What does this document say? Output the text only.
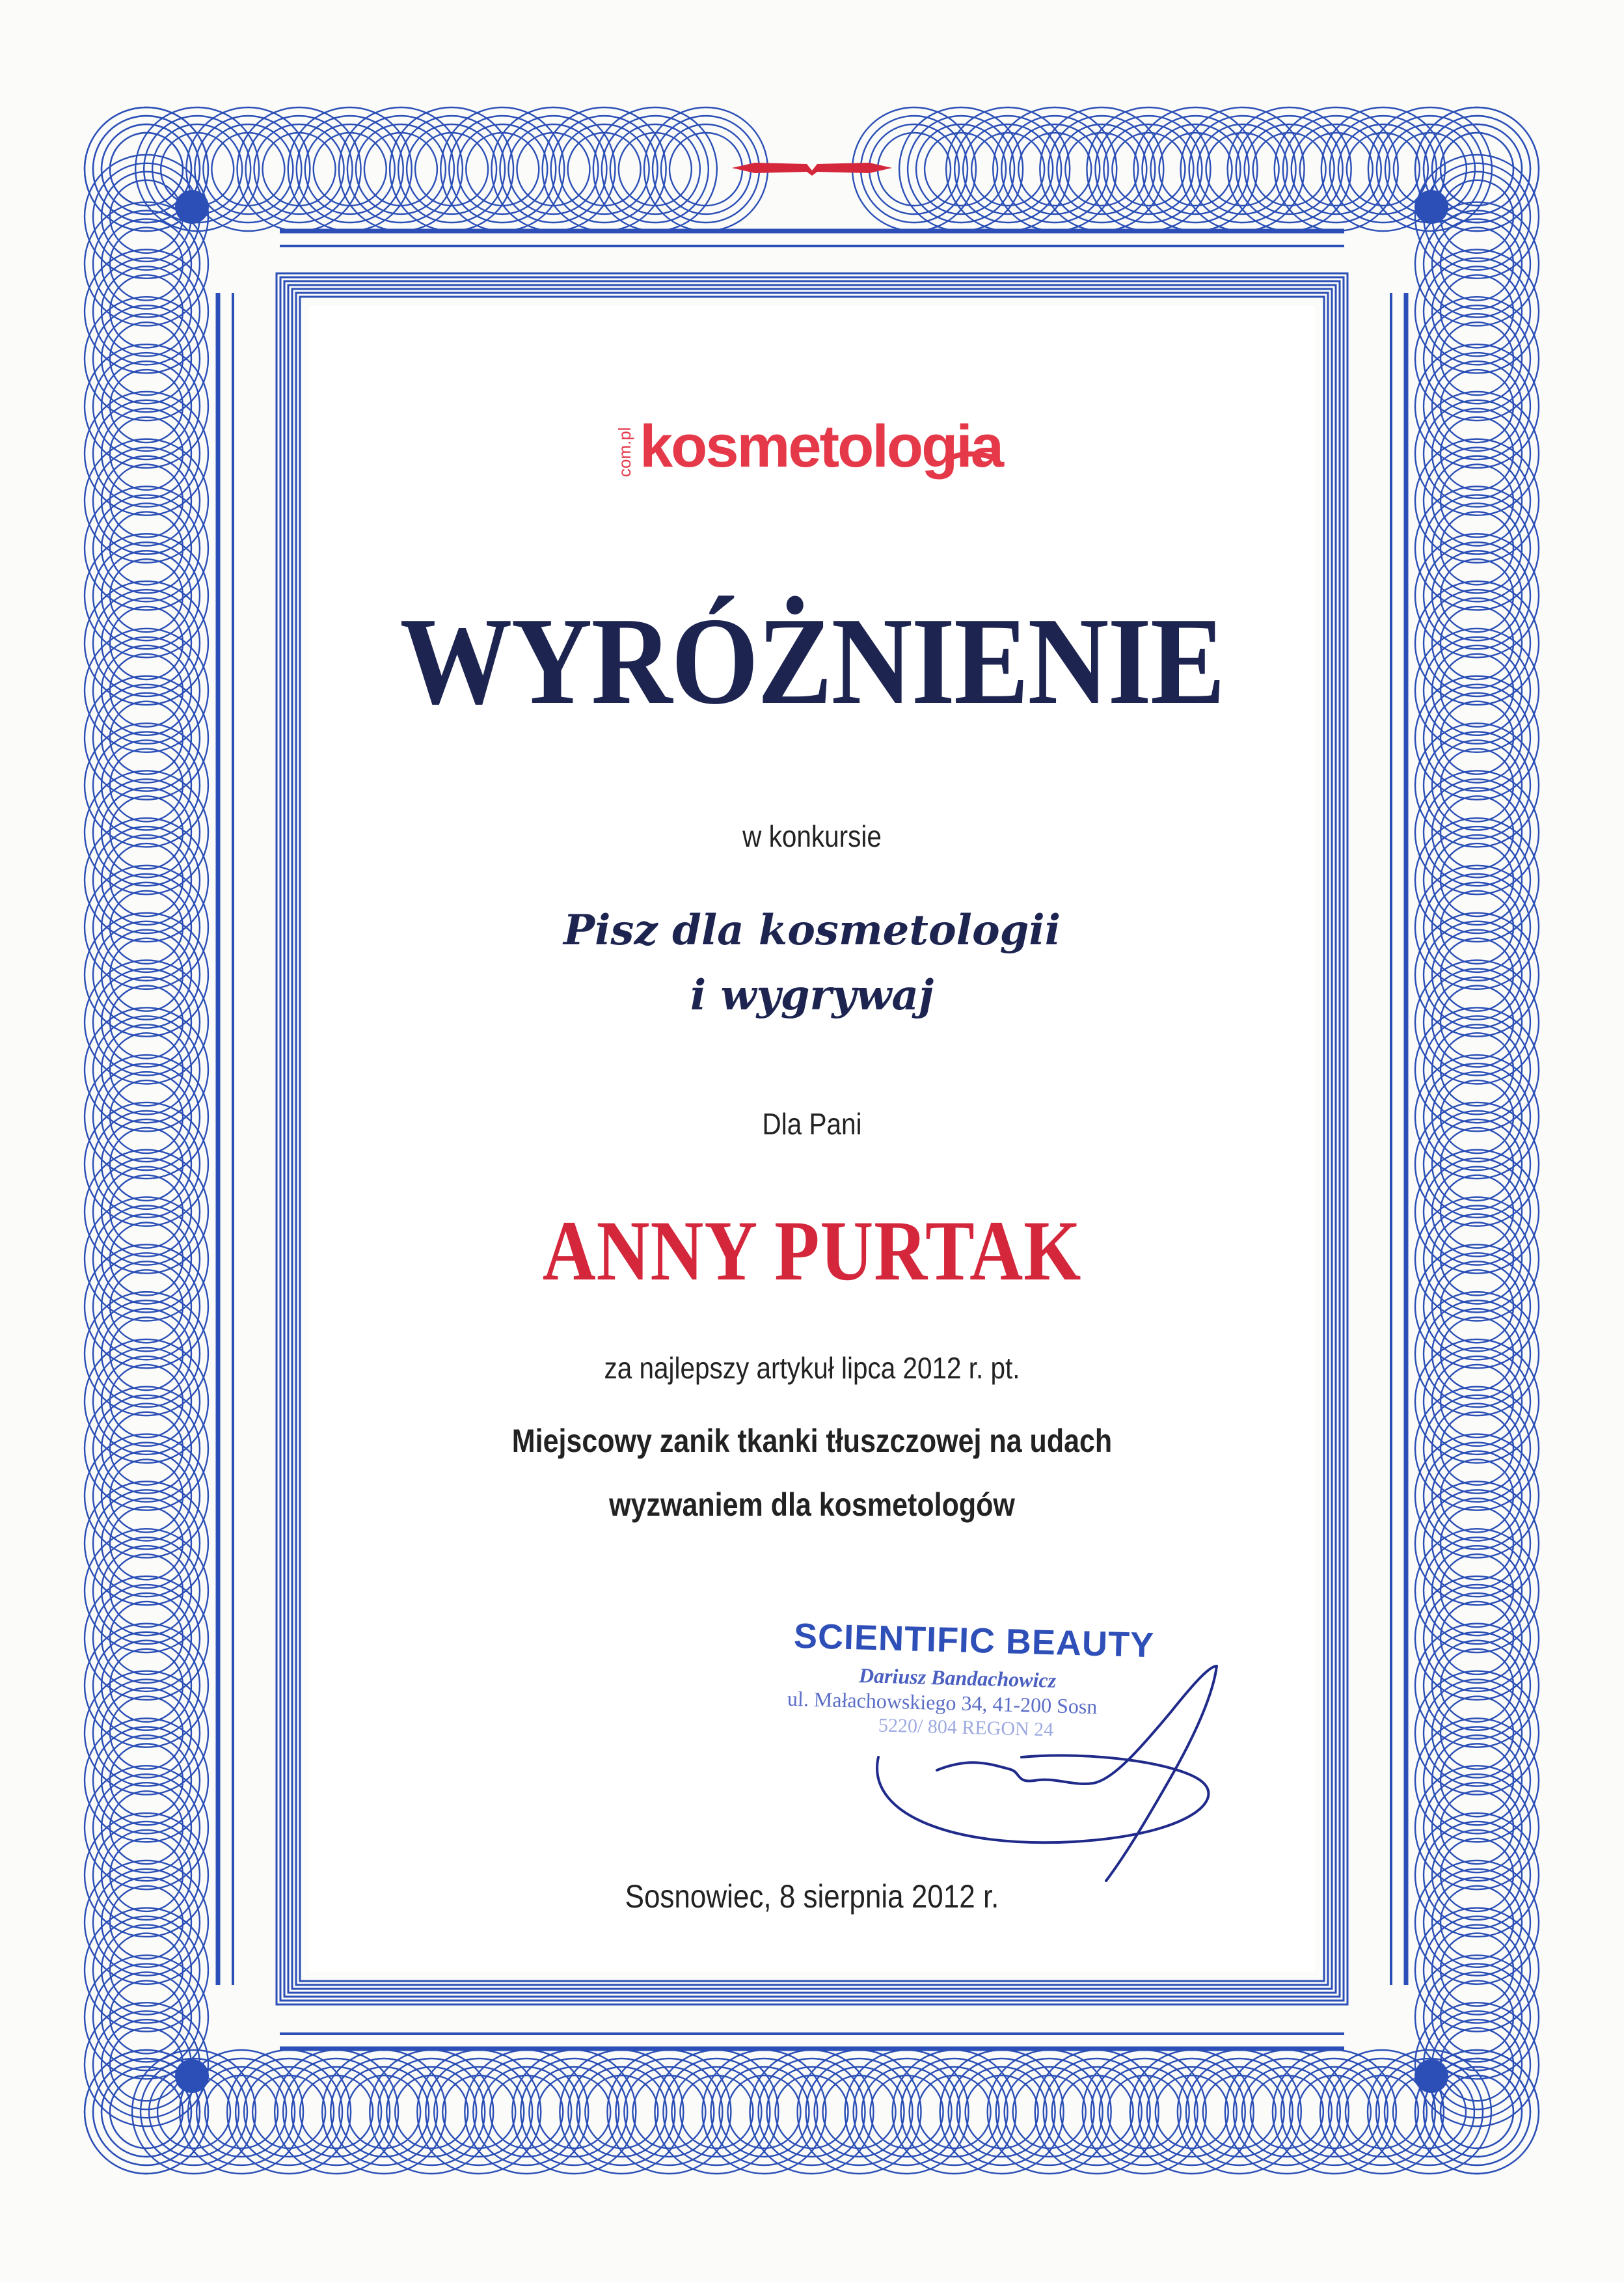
com.pl kosmetologia
WYRÓŻNIENIE
w konkursie
Pisz dla kosmetologii
i wygrywaj
Dla Pani
ANNY PURTAK
za najlepszy artykuł lipca 2012 r. pt.
Miejscowy zanik tkanki tłuszczowej na udach
wyzwaniem dla kosmetologów
SCIENTIFIC BEAUTY
Dariusz Bandachowicz
ul. Małachowskiego 34, 41-200 Sosn
5220/ 804 REGON 24
Sosnowiec, 8 sierpnia 2012 r.
